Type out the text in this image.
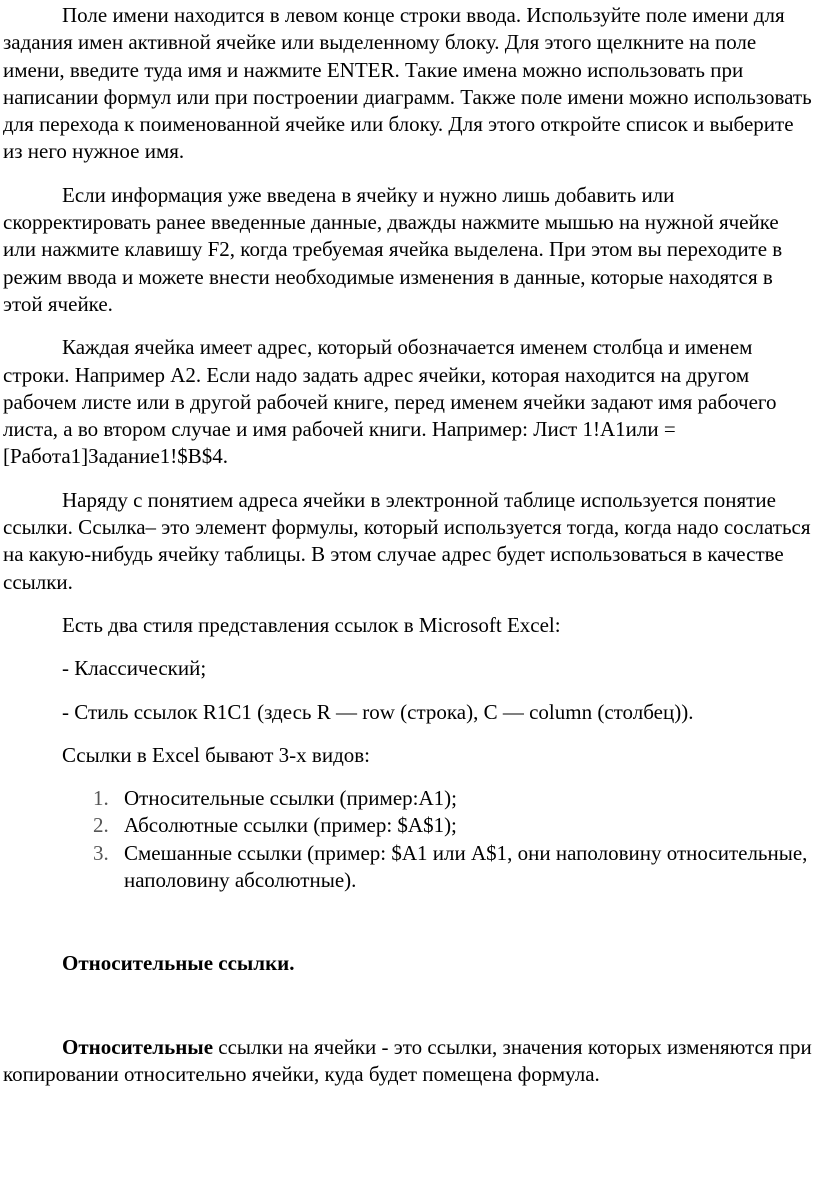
Поле имени находится в левом конце строки ввода. Используйте поле имени для задания имен активной ячейке или выделенному блоку. Для этого щелкните на поле имени, введите туда имя и нажмите ENTER. Такие имена можно использовать при написании формул или при построении диаграмм. Также поле имени можно использовать для перехода к поименованной ячейке или блоку. Для этого откройте список и выберите из него нужное имя.

Если информация уже введена в ячейку и нужно лишь добавить или скорректировать ранее введенные данные, дважды нажмите мышью на нужной ячейке или нажмите клавишу F2, когда требуемая ячейка выделена. При этом вы переходите в режим ввода и можете внести необходимые изменения в данные, которые находятся в этой ячейке.

Каждая ячейка имеет адрес, который обозначается именем столбца и именем строки. Например А2. Если надо задать адрес ячейки, которая находится на другом рабочем листе или в другой рабочей книге, перед именем ячейки задают имя рабочего листа, а во втором случае и имя рабочей книги. Например: Лист 1!А1или =[Работа1]Задание1!$B$4.

Наряду с понятием адреса ячейки в электронной таблице используется понятие ссылки. Ссылка– это элемент формулы, который используется тогда, когда надо сослаться на какую-нибудь ячейку таблицы. В этом случае адрес будет использоваться в качестве ссылки.

Есть два стиля представления ссылок в Microsoft Excel:

- Классический;

- Стиль ссылок R1C1 (здесь R — row (строка), C — column (столбец)).

Ссылки в Excel бывают 3-х видов:

1. Относительные ссылки (пример:A1);
2. Абсолютные ссылки (пример: $A$1);
3. Смешанные ссылки (пример: $A1 или A$1, они наполовину относительные, наполовину абсолютные).

Относительные ссылки.

Относительные ссылки на ячейки - это ссылки, значения которых изменяются при копировании относительно ячейки, куда будет помещена формула.
